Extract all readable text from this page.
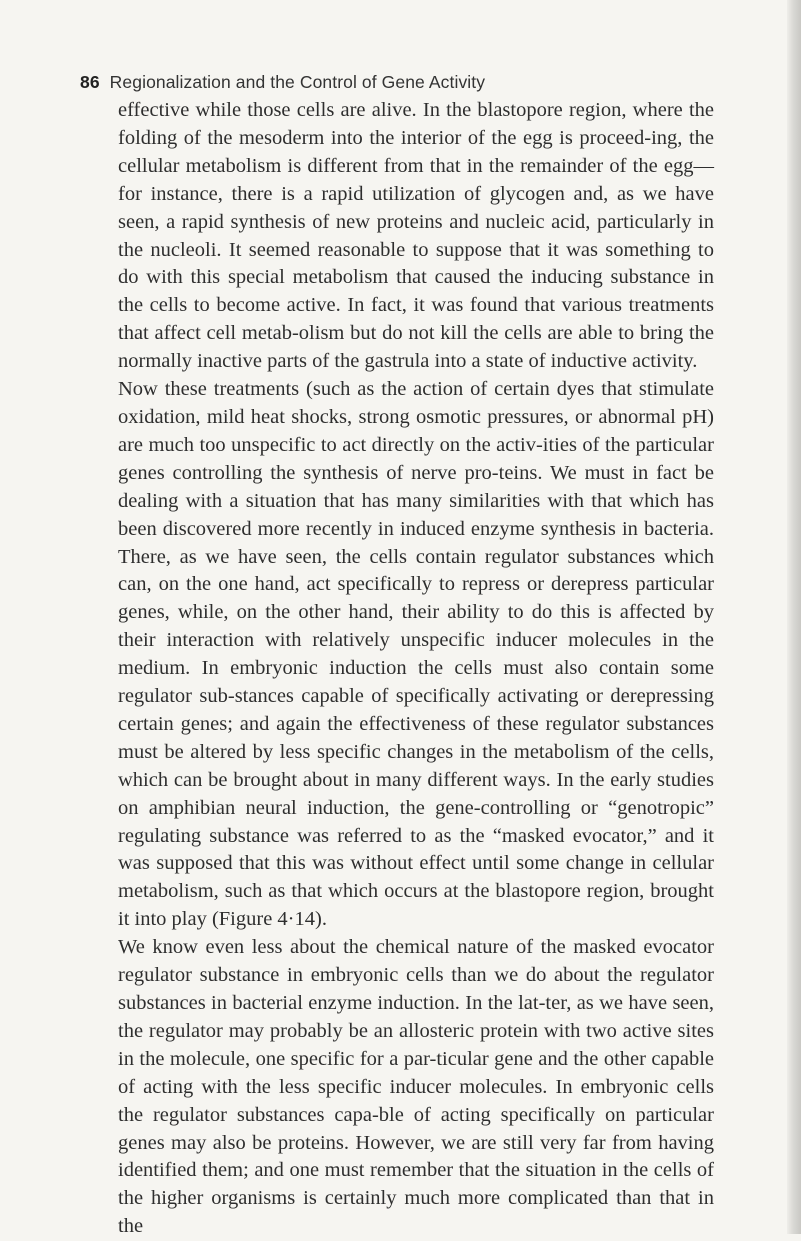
86 Regionalization and the Control of Gene Activity

effective while those cells are alive. In the blastopore region, where the folding of the mesoderm into the interior of the egg is proceed-ing, the cellular metabolism is different from that in the remainder of the egg—for instance, there is a rapid utilization of glycogen and, as we have seen, a rapid synthesis of new proteins and nucleic acid, particularly in the nucleoli. It seemed reasonable to suppose that it was something to do with this special metabolism that caused the inducing substance in the cells to become active. In fact, it was found that various treatments that affect cell metab-olism but do not kill the cells are able to bring the normally inactive parts of the gastrula into a state of inductive activity.

Now these treatments (such as the action of certain dyes that stimulate oxidation, mild heat shocks, strong osmotic pressures, or abnormal pH) are much too unspecific to act directly on the activ-ities of the particular genes controlling the synthesis of nerve pro-teins. We must in fact be dealing with a situation that has many similarities with that which has been discovered more recently in induced enzyme synthesis in bacteria. There, as we have seen, the cells contain regulator substances which can, on the one hand, act specifically to repress or derepress particular genes, while, on the other hand, their ability to do this is affected by their interaction with relatively unspecific inducer molecules in the medium. In embryonic induction the cells must also contain some regulator sub-stances capable of specifically activating or derepressing certain genes; and again the effectiveness of these regulator substances must be altered by less specific changes in the metabolism of the cells, which can be brought about in many different ways. In the early studies on amphibian neural induction, the gene-controlling or “genotropic” regulating substance was referred to as the “masked evocator,” and it was supposed that this was without effect until some change in cellular metabolism, such as that which occurs at the blastopore region, brought it into play (Figure 4·14).

We know even less about the chemical nature of the masked evocator regulator substance in embryonic cells than we do about the regulator substances in bacterial enzyme induction. In the lat-ter, as we have seen, the regulator may probably be an allosteric protein with two active sites in the molecule, one specific for a par-ticular gene and the other capable of acting with the less specific inducer molecules. In embryonic cells the regulator substances capa-ble of acting specifically on particular genes may also be proteins. However, we are still very far from having identified them; and one must remember that the situation in the cells of the higher organisms is certainly much more complicated than that in the
